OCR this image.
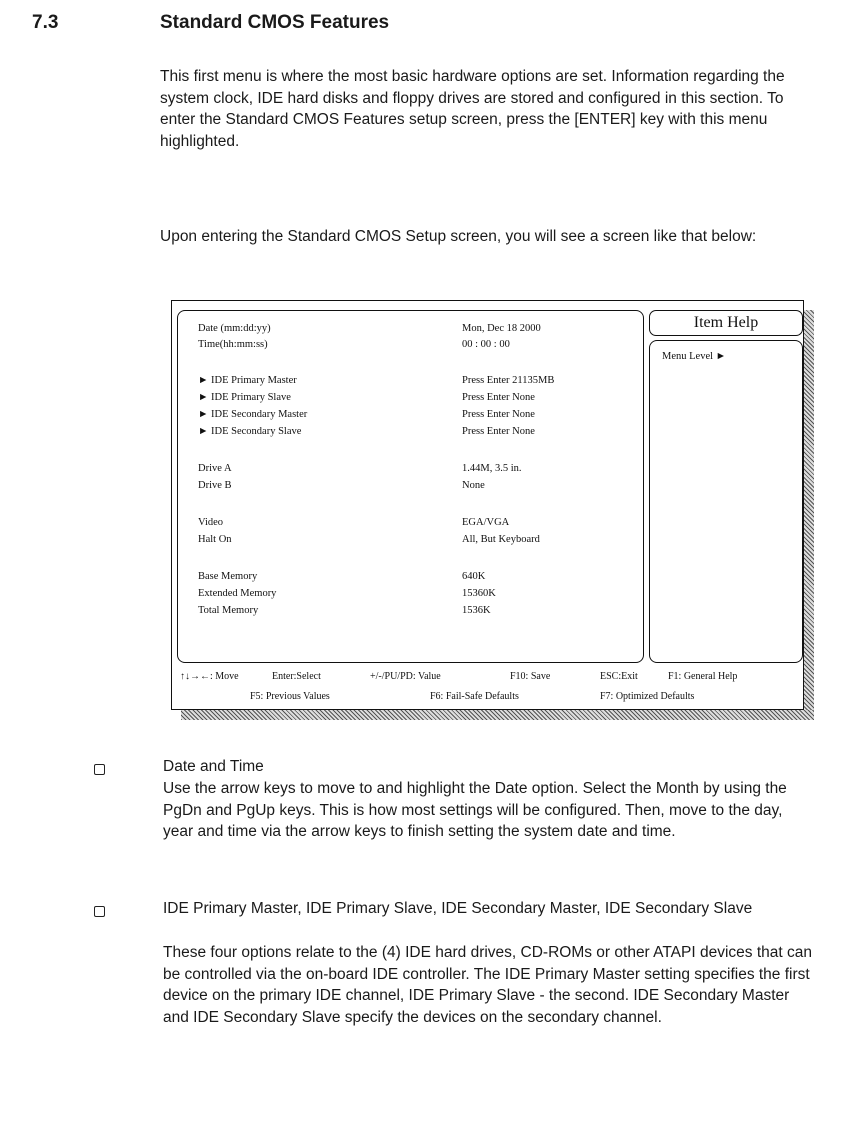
7.3	Standard CMOS Features
This first menu is where the most basic hardware options are set. Information regarding the system clock, IDE hard disks and floppy drives are stored and configured in this section. To enter the Standard CMOS Features setup screen, press the [ENTER] key with this menu highlighted.
Upon entering the Standard CMOS Setup screen, you will see a screen like that below:
Date (mm:dd:yy)	Mon, Dec 18 2000
Time(hh:mm:ss)	00 : 00 : 00
► IDE Primary Master	Press Enter 21135MB
► IDE Primary Slave	Press Enter None
► IDE Secondary Master	Press Enter None
► IDE Secondary Slave	Press Enter None
Drive A	1.44M, 3.5 in.
Drive B	None
Video	EGA/VGA
Halt On	All, But Keyboard
Base Memory	640K
Extended Memory	15360K
Total Memory	1536K
Item Help
Menu Level ►
↑↓→←: Move	Enter:Select	+/-/PU/PD: Value	F10: Save	ESC:Exit	F1: General Help
F5: Previous Values	F6: Fail-Safe Defaults	F7: Optimized Defaults
Date and Time
Use the arrow keys to move to and highlight the Date option. Select the Month by using the PgDn and PgUp keys. This is how most settings will be configured. Then, move to the day, year and time via the arrow keys to finish setting the system date and time.
IDE Primary Master, IDE Primary Slave, IDE Secondary Master, IDE Secondary Slave
These four options relate to the (4) IDE hard drives, CD-ROMs or other ATAPI devices that can be controlled via the on-board IDE controller. The IDE Primary Master setting specifies the first device on the primary IDE channel, IDE Primary Slave - the second. IDE Secondary Master and IDE Secondary Slave specify the devices on the secondary channel.
